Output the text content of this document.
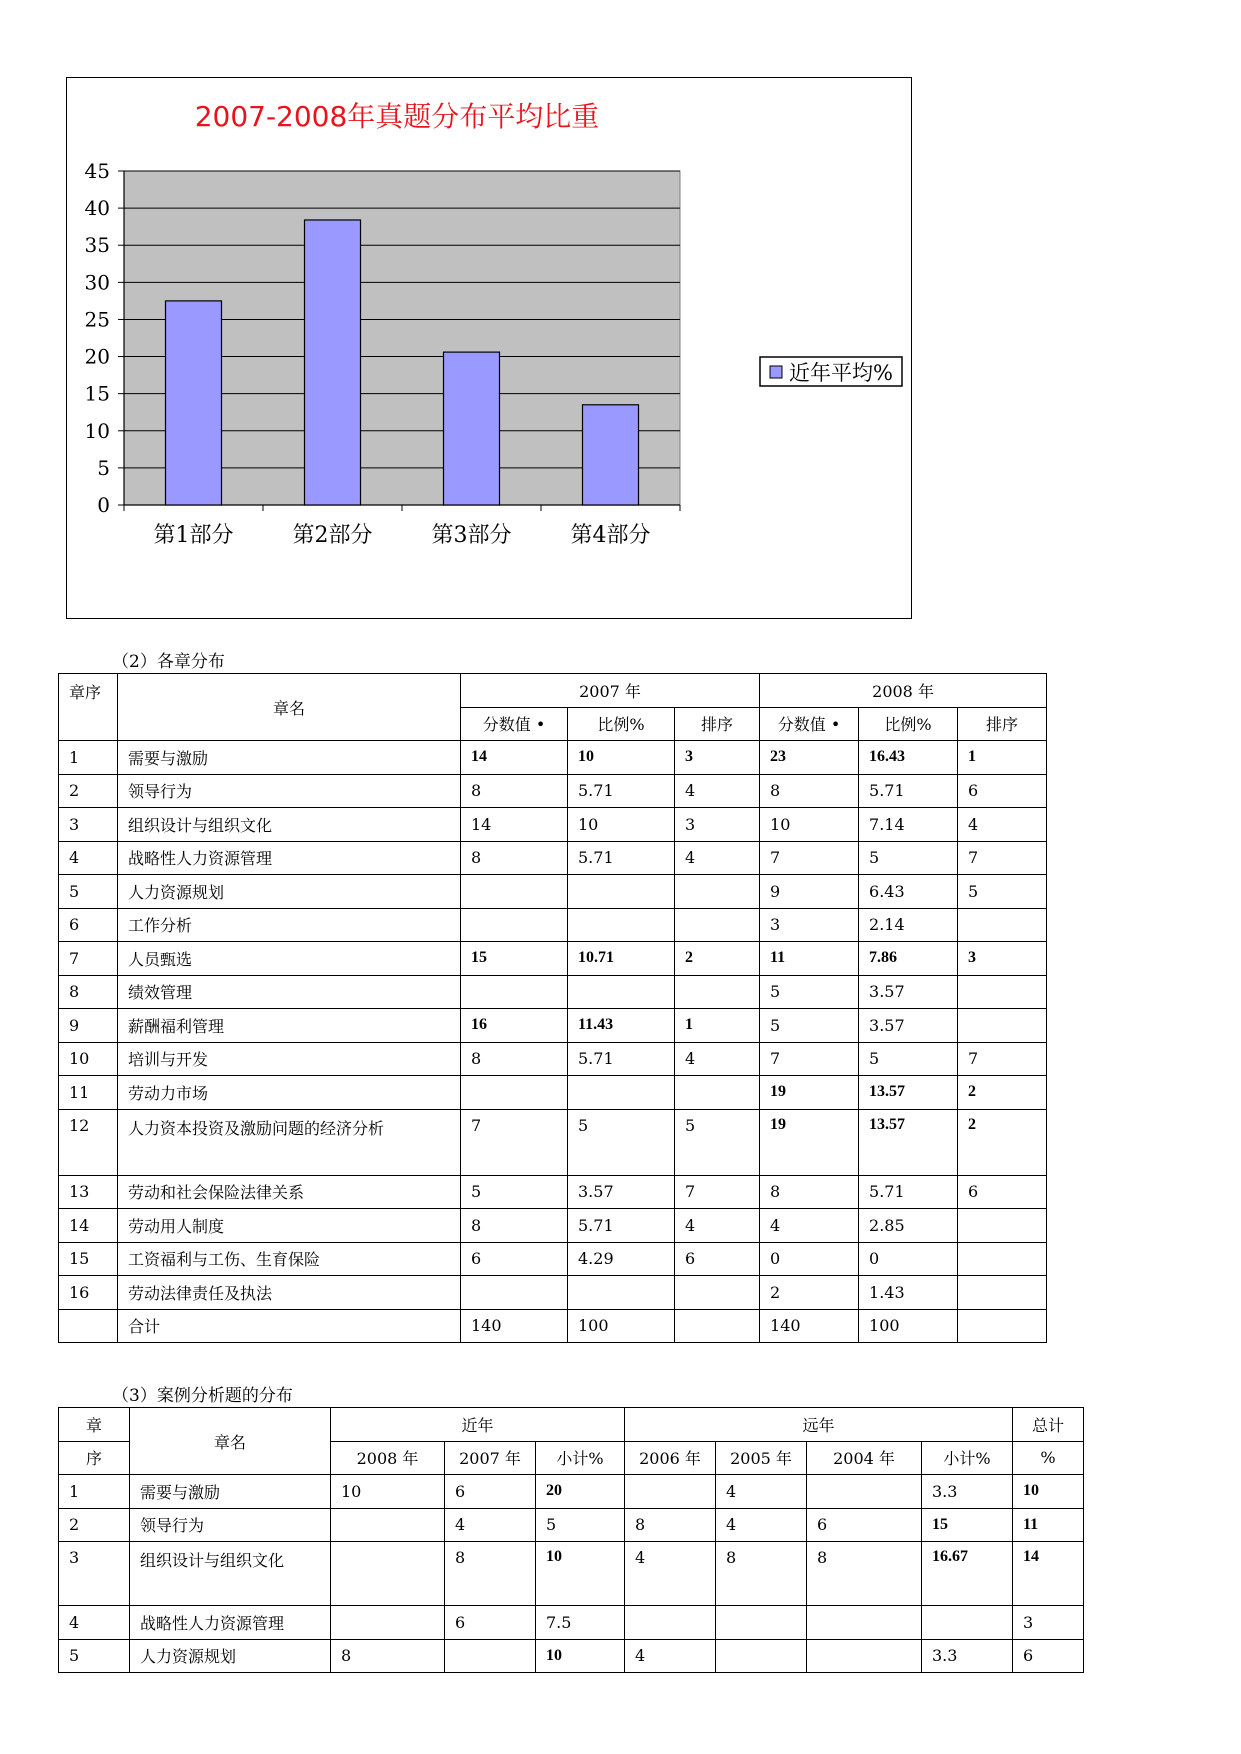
2007-2008年真题分布平均比重
0
5
10
15
20
25
30
35
40
45
第1部分	第2部分	第3部分	第4部分
近年平均%
（2）各章分布
章序	章名	2007 年			2008 年		
		分数值 •	比例%	排序	分数值 •	比例%	排序
1	需要与激励	14	10	3	23	16.43	1
2	领导行为	8	5.71	4	8	5.71	6
3	组织设计与组织文化	14	10	3	10	7.14	4
4	战略性人力资源管理	8	5.71	4	7	5	7
5	人力资源规划				9	6.43	5
6	工作分析				3	2.14	
7	人员甄选	15	10.71	2	11	7.86	3
8	绩效管理				5	3.57	
9	薪酬福利管理	16	11.43	1	5	3.57	
10	培训与开发	8	5.71	4	7	5	7
11	劳动力市场				19	13.57	2
12	人力资本投资及激励问题的经济分析	7	5	5	19	13.57	2
13	劳动和社会保险法律关系	5	3.57	7	8	5.71	6
14	劳动用人制度	8	5.71	4	4	2.85	
15	工资福利与工伤、生育保险	6	4.29	6	0	0	
16	劳动法律责任及执法				2	1.43	
	合计	140	100		140	100	
（3）案例分析题的分布
章	章名	近年			远年				总计
序		2008 年	2007 年	小计%	2006 年	2005 年	2004 年	小计%	%
1	需要与激励	10	6	20		4		3.3	10
2	领导行为		4	5	8	4	6	15	11
3	组织设计与组织文化		8	10	4	8	8	16.67	14
4	战略性人力资源管理		6	7.5					3
5	人力资源规划	8		10	4			3.3	6
